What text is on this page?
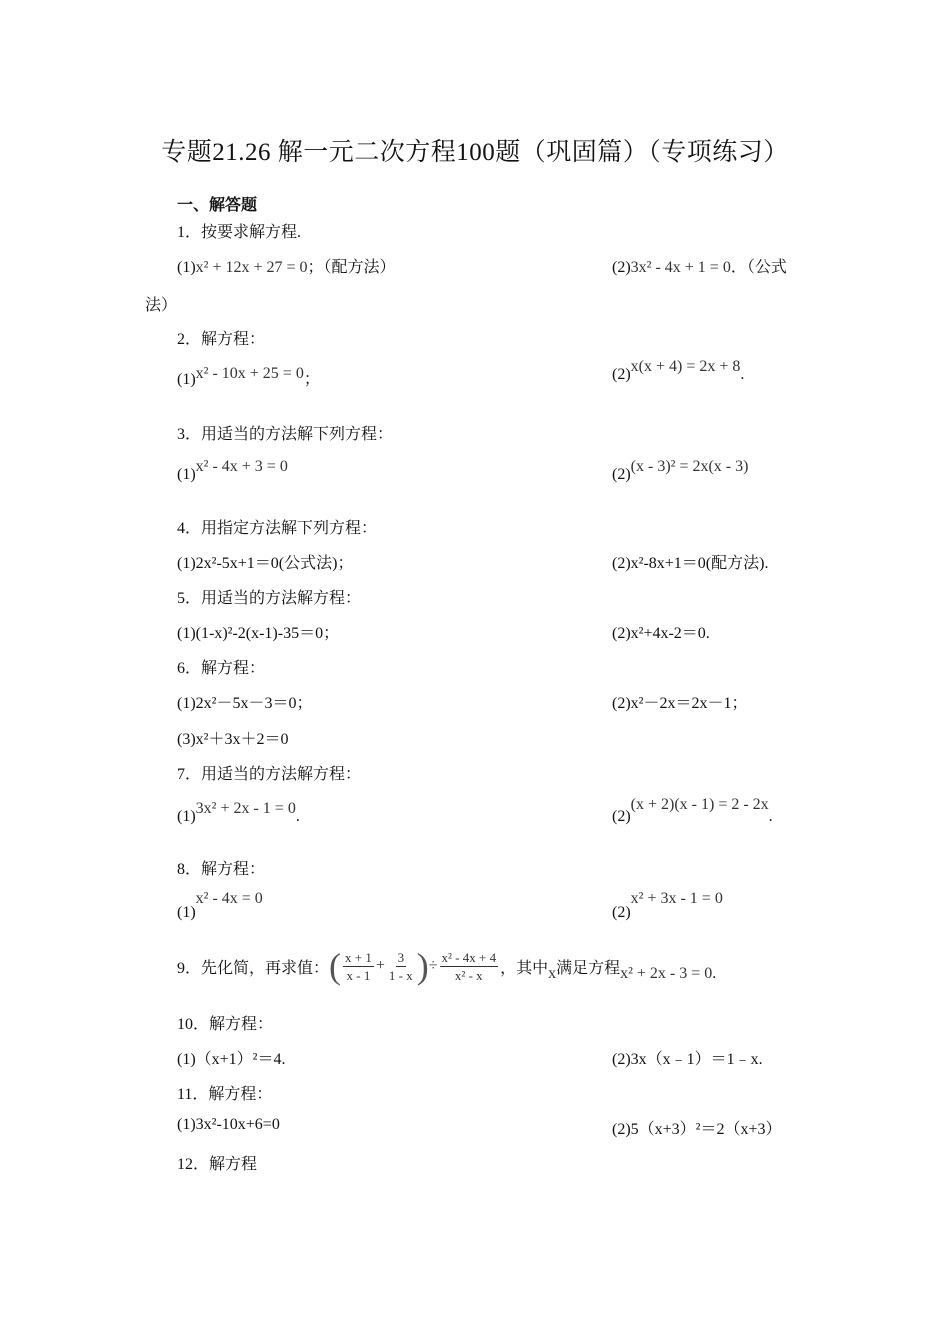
专题21.26 解一元二次方程100题（巩固篇）（专项练习）
一、解答题
1．按要求解方程.
(1)x² + 12x + 27 = 0；（配方法）	(2)3x² - 4x + 1 = 0．（公式
法）
2．解方程：
(1)x² - 10x + 25 = 0；	(2)x(x + 4) = 2x + 8.
3．用适当的方法解下列方程：
(1)x² - 4x + 3 = 0	(2)(x - 3)² = 2x(x - 3)
4．用指定方法解下列方程：
(1)2x²-5x+1＝0(公式法)；	(2)x²-8x+1＝0(配方法).
5．用适当的方法解方程：
(1)(1-x)²-2(x-1)-35＝0；	(2)x²+4x-2＝0.
6．解方程：
(1)2x²－5x－3＝0；	(2)x²－2x＝2x－1；
(3)x²＋3x＋2＝0
7．用适当的方法解方程：
(1)3x² + 2x - 1 = 0.	(2)(x + 2)(x - 1) = 2 - 2x.
8．解方程：
(1)x² - 4x = 0
(2)x² + 3x - 1 = 0
9．先化简，再求值： ( $\frac{x + 1}{x - 1} + \frac{3}{1 - x}$ ) ÷ $\frac{\text{x² - 4x + 4}}{\text{x² - x}}$ ，其中 x 满足方程 x² + 2x - 3 = 0 .
10．解方程：
(1)（x+1）²＝4.	(2)3x（x﹣1）＝1﹣x.
11．解方程：
(1)3x²-10x+6=0	(2)5（x+3）²＝2（x+3）
12．解方程
